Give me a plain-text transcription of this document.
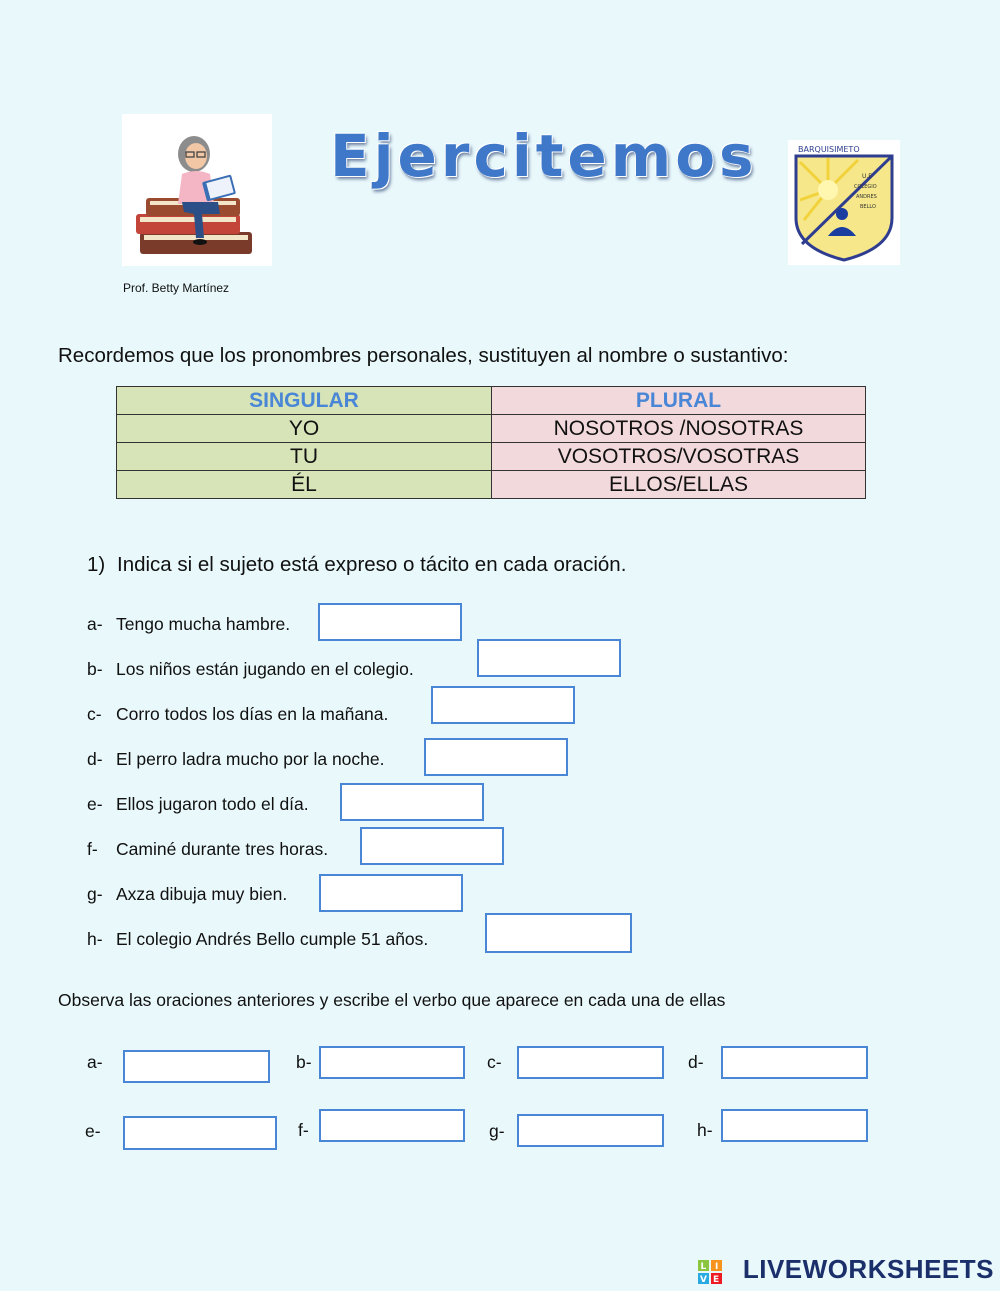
Ejercitemos	U.E
COLEGIO
ANDRES
BELLO
BARQUISIMETO
Prof. Betty Martínez
Recordemos que los pronombres personales, sustituyen al nombre o sustantivo:
SINGULAR	PLURAL
YO	NOSOTROS /NOSOTRAS
TU	VOSOTROS/VOSOTRAS
ÉL	ELLOS/ELLAS
1) Indica si el sujeto está expreso o tácito en cada oración.
a- Tengo mucha hambre.
b- Los niños están jugando en el colegio.
c- Corro todos los días en la mañana.
d- El perro ladra mucho por la noche.
e- Ellos jugaron todo el día.
f- Caminé durante tres horas.
g- Axza dibuja muy bien.
h- El colegio Andrés Bello cumple 51 años.
Observa las oraciones anteriores y escribe el verbo que aparece en cada una de ellas
a-	b-	c-	d-
e-	f-	g-	h-
L I
V E LIVEWORKSHEETS
